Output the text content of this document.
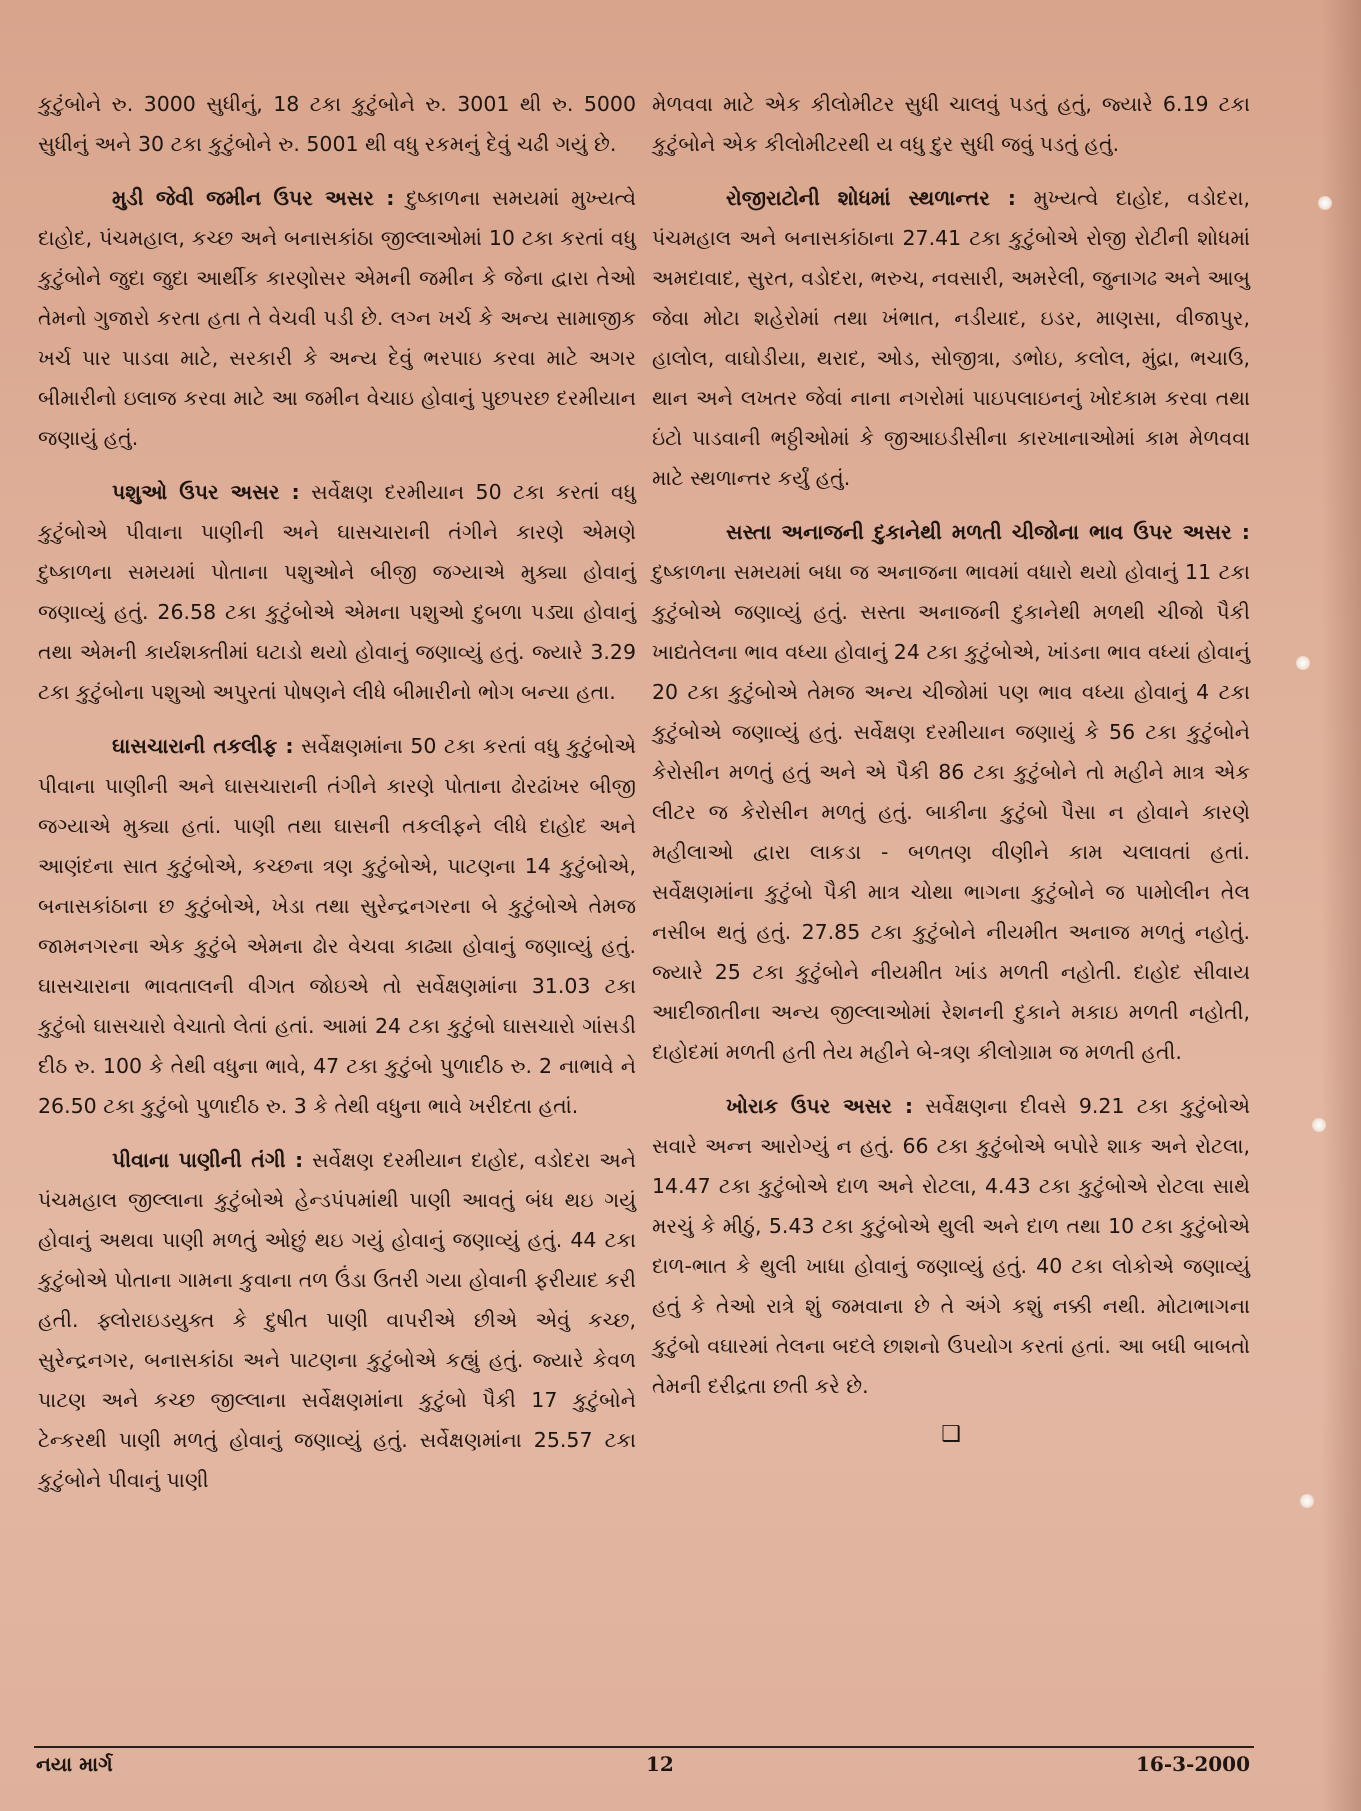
કુટુંબોને રુ. 3000 સુધીનું, 18 ટકા કુટુંબોને રુ. 3001 થી રુ. 5000 સુધીનું અને 30 ટકા કુટુંબોને રુ. 5001 થી વધુ રકમનું દેવું ચઢી ગયું છે.

મુડી જેવી જમીન ઉપર અસર : દુષ્કાળના સમયમાં મુખ્યત્વે દાહોદ, પંચમહાલ, કચ્છ અને બનાસકાંઠા જીલ્લાઓમાં 10 ટકા કરતાં વધુ કુટુંબોને જુદા જુદા આર્થીક કારણોસર એમની જમીન કે જેના દ્વારા તેઓ તેમનો ગુજારો કરતા હતા તે વેચવી પડી છે. લગ્ન ખર્ચ કે અન્ય સામાજીક ખર્ચ પાર પાડવા માટે, સરકારી કે અન્ય દેવું ભરપાઇ કરવા માટે અગર બીમારીનો ઇલાજ કરવા માટે આ જમીન વેચાઇ હોવાનું પુછપરછ દરમીયાન જણાયું હતું.

પશુઓ ઉપર અસર : સર્વેક્ષણ દરમીયાન 50 ટકા કરતાં વધુ કુટુંબોએ પીવાના પાણીની અને ઘાસચારાની તંગીને કારણે એમણે દુષ્કાળના સમયમાં પોતાના પશુઓને બીજી જગ્યાએ મુક્યા હોવાનું જણાવ્યું હતું. 26.58 ટકા કુટુંબોએ એમના પશુઓ દુબળા પડ્યા હોવાનું તથા એમની કાર્યશક્તીમાં ઘટાડો થયો હોવાનું જણાવ્યું હતું. જ્યારે 3.29 ટકા કુટુંબોના પશુઓ અપુરતાં પોષણને લીધે બીમારીનો ભોગ બન્યા હતા.

ઘાસચારાની તકલીફ : સર્વેક્ષણમાંના 50 ટકા કરતાં વધુ કુટુંબોએ પીવાના પાણીની અને ઘાસચારાની તંગીને કારણે પોતાના ઢોરઢાંખર બીજી જગ્યાએ મુક્યા હતાં. પાણી તથા ઘાસની તકલીફને લીધે દાહોદ અને આણંદના સાત કુટુંબોએ, કચ્છના ત્રણ કુટુંબોએ, પાટણના 14 કુટુંબોએ, બનાસકાંઠાના છ કુટુંબોએ, ખેડા તથા સુરેન્દ્રનગરના બે કુટુંબોએ તેમજ જામનગરના એક કુટુંબે એમના ઢોર વેચવા કાઢ્યા હોવાનું જણાવ્યું હતું. ઘાસચારાના ભાવતાલની વીગત જોઇએ તો સર્વેક્ષણમાંના 31.03 ટકા કુટુંબો ઘાસચારો વેચાતો લેતાં હતાં. આમાં 24 ટકા કુટુંબો ઘાસચારો ગાંસડી દીઠ રુ. 100 કે તેથી વધુના ભાવે, 47 ટકા કુટુંબો પુળાદીઠ રુ. 2 નાભાવે ને 26.50 ટકા કુટુંબો પુળાદીઠ રુ. 3 કે તેથી વધુના ભાવે ખરીદતા હતાં.

પીવાના પાણીની તંગી : સર્વેક્ષણ દરમીયાન દાહોદ, વડોદરા અને પંચમહાલ જીલ્લાના કુટુંબોએ હેન્ડપંપમાંથી પાણી આવતું બંધ થઇ ગયું હોવાનું અથવા પાણી મળતું ઓછું થઇ ગયું હોવાનું જણાવ્યું હતું. 44 ટકા કુટુંબોએ પોતાના ગામના કુવાના તળ ઉંડા ઉતરી ગયા હોવાની ફરીયાદ કરી હતી. ફ્લોરાઇડયુક્ત કે દુષીત પાણી વાપરીએ છીએ એવું કચ્છ, સુરેન્દ્રનગર, બનાસકાંઠા અને પાટણના કુટુંબોએ કહ્યું હતું. જ્યારે કેવળ પાટણ અને કચ્છ જીલ્લાના સર્વેક્ષણમાંના કુટુંબો પૈકી 17 કુટુંબોને ટેન્કરથી પાણી મળતું હોવાનું જણાવ્યું હતું. સર્વેક્ષણમાંના 25.57 ટકા કુટુંબોને પીવાનું પાણી

મેળવવા માટે એક કીલોમીટર સુધી ચાલવું પડતું હતું, જ્યારે 6.19 ટકા કુટુંબોને એક કીલોમીટરથી ય વધુ દુર સુધી જવું પડતું હતું.

રોજીરાટોની શોધમાં સ્થળાન્તર : મુખ્યત્વે દાહોદ, વડોદરા, પંચમહાલ અને બનાસકાંઠાના 27.41 ટકા કુટુંબોએ રોજી રોટીની શોધમાં અમદાવાદ, સુરત, વડોદરા, ભરુચ, નવસારી, અમરેલી, જુનાગઢ અને આબુ જેવા મોટા શહેરોમાં તથા ખંભાત, નડીયાદ, ઇડર, માણસા, વીજાપુર, હાલોલ, વાઘોડીયા, થરાદ, ઓડ, સોજીત્રા, ડભોઇ, કલોલ, મુંદ્રા, ભચાઉ, થાન અને લખતર જેવાં નાના નગરોમાં પાઇપલાઇનનું ખોદકામ કરવા તથા ઇંટો પાડવાની ભઠ્ઠીઓમાં કે જીઆઇડીસીના કારખાનાઓમાં કામ મેળવવા માટે સ્થળાન્તર કર્યું હતું.

સસ્તા અનાજની દુકાનેથી મળતી ચીજોના ભાવ ઉપર અસર : દુષ્કાળના સમયમાં બધા જ અનાજના ભાવમાં વધારો થયો હોવાનું 11 ટકા કુટુંબોએ જણાવ્યું હતું. સસ્તા અનાજની દુકાનેથી મળથી ચીજો પૈકી ખાદ્યતેલના ભાવ વધ્યા હોવાનું 24 ટકા કુટુંબોએ, ખાંડના ભાવ વધ્યાં હોવાનું 20 ટકા કુટુંબોએ તેમજ અન્ય ચીજોમાં પણ ભાવ વધ્યા હોવાનું 4 ટકા કુટુંબોએ જણાવ્યું હતું. સર્વેક્ષણ દરમીયાન જણાયું કે 56 ટકા કુટુંબોને કેરોસીન મળતું હતું અને એ પૈકી 86 ટકા કુટુંબોને તો મહીને માત્ર એક લીટર જ કેરોસીન મળતું હતું. બાકીના કુટુંબો પૈસા ન હોવાને કારણે મહીલાઓ દ્વારા લાકડા - બળતણ વીણીને કામ ચલાવતાં હતાં. સર્વેક્ષણમાંના કુટુંબો પૈકી માત્ર ચોથા ભાગના કુટુંબોને જ પામોલીન તેલ નસીબ થતું હતું. 27.85 ટકા કુટુંબોને નીયમીત અનાજ મળતું નહોતું. જ્યારે 25 ટકા કુટુંબોને નીયમીત ખાંડ મળતી નહોતી. દાહોદ સીવાય આદીજાતીના અન્ય જીલ્લાઓમાં રેશનની દુકાને મકાઇ મળતી નહોતી, દાહોદમાં મળતી હતી તેય મહીને બે-ત્રણ કીલોગ્રામ જ મળતી હતી.

ખોરાક ઉપર અસર : સર્વેક્ષણના દીવસે 9.21 ટકા કુટુંબોએ સવારે અન્ન આરોગ્યું ન હતું. 66 ટકા કુટુંબોએ બપોરે શાક અને રોટલા, 14.47 ટકા કુટુંબોએ દાળ અને રોટલા, 4.43 ટકા કુટુંબોએ રોટલા સાથે મરચું કે મીઠું, 5.43 ટકા કુટુંબોએ થુલી અને દાળ તથા 10 ટકા કુટુંબોએ દાળ-ભાત કે થુલી ખાધા હોવાનું જણાવ્યું હતું. 40 ટકા લોકોએ જણાવ્યું હતું કે તેઓ રાત્રે શું જમવાના છે તે અંગે કશું નક્કી નથી. મોટાભાગના કુટુંબો વઘારમાં તેલના બદલે છાશનો ઉપયોગ કરતાં હતાં. આ બધી બાબતો તેમની દરીદ્રતા છતી કરે છે.

❑
નયા માર્ગ	12	16-3-2000
